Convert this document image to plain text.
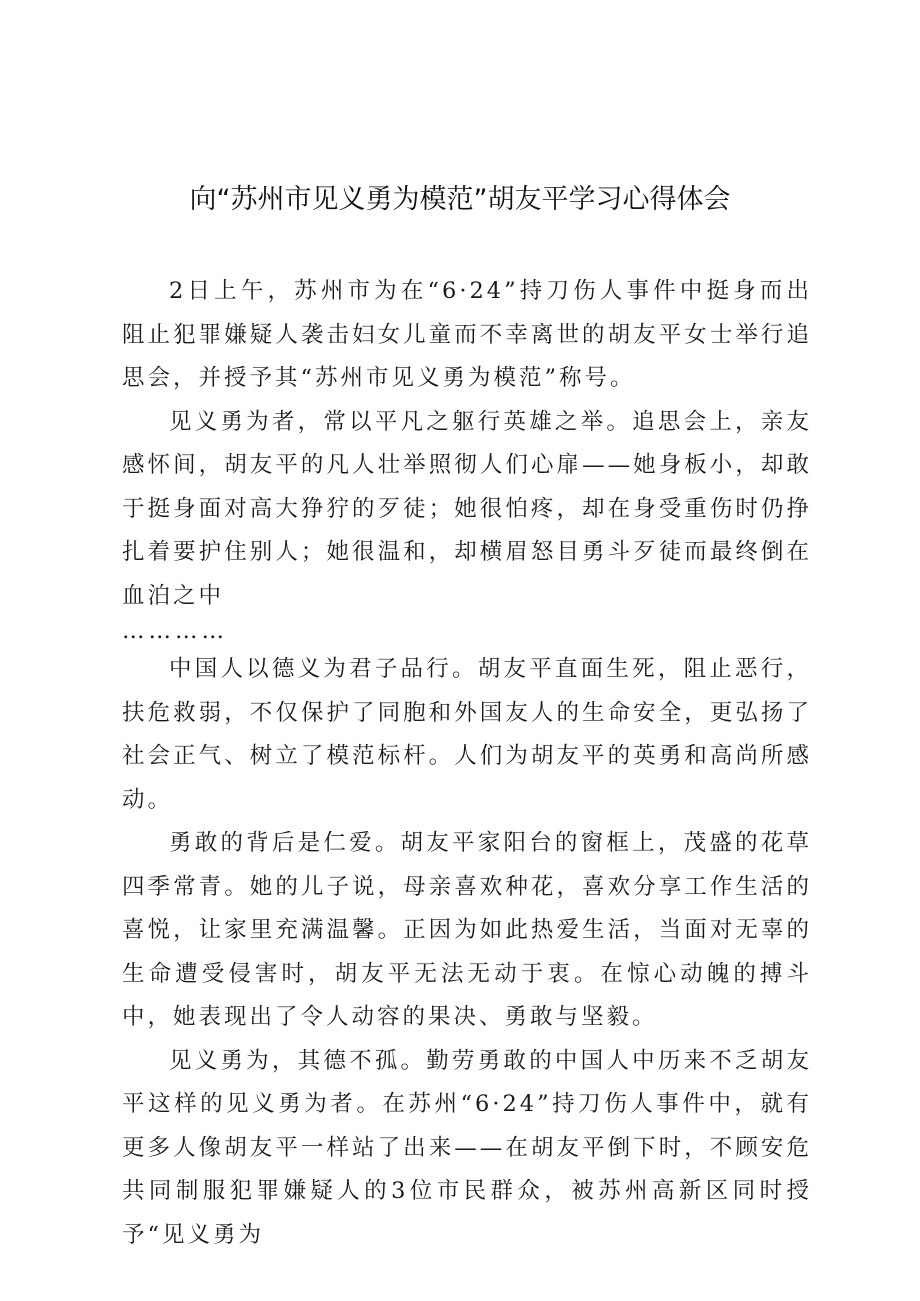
向“苏州市见义勇为模范”胡友平学习心得体会

2日上午，苏州市为在“6·24”持刀伤人事件中挺身而出阻止犯罪嫌疑人袭击妇女儿童而不幸离世的胡友平女士举行追思会，并授予其“苏州市见义勇为模范”称号。

见义勇为者，常以平凡之躯行英雄之举。追思会上，亲友感怀间，胡友平的凡人壮举照彻人们心扉——她身板小，却敢于挺身面对高大狰狞的歹徒；她很怕疼，却在身受重伤时仍挣扎着要护住别人；她很温和，却横眉怒目勇斗歹徒而最终倒在血泊之中

…………

中国人以德义为君子品行。胡友平直面生死，阻止恶行，扶危救弱，不仅保护了同胞和外国友人的生命安全，更弘扬了社会正气、树立了模范标杆。人们为胡友平的英勇和高尚所感动。

勇敢的背后是仁爱。胡友平家阳台的窗框上，茂盛的花草四季常青。她的儿子说，母亲喜欢种花，喜欢分享工作生活的喜悦，让家里充满温馨。正因为如此热爱生活，当面对无辜的生命遭受侵害时，胡友平无法无动于衷。在惊心动魄的搏斗中，她表现出了令人动容的果决、勇敢与坚毅。

见义勇为，其德不孤。勤劳勇敢的中国人中历来不乏胡友平这样的见义勇为者。在苏州“6·24”持刀伤人事件中，就有更多人像胡友平一样站了出来——在胡友平倒下时，不顾安危共同制服犯罪嫌疑人的3位市民群众，被苏州高新区同时授予“见义勇为
